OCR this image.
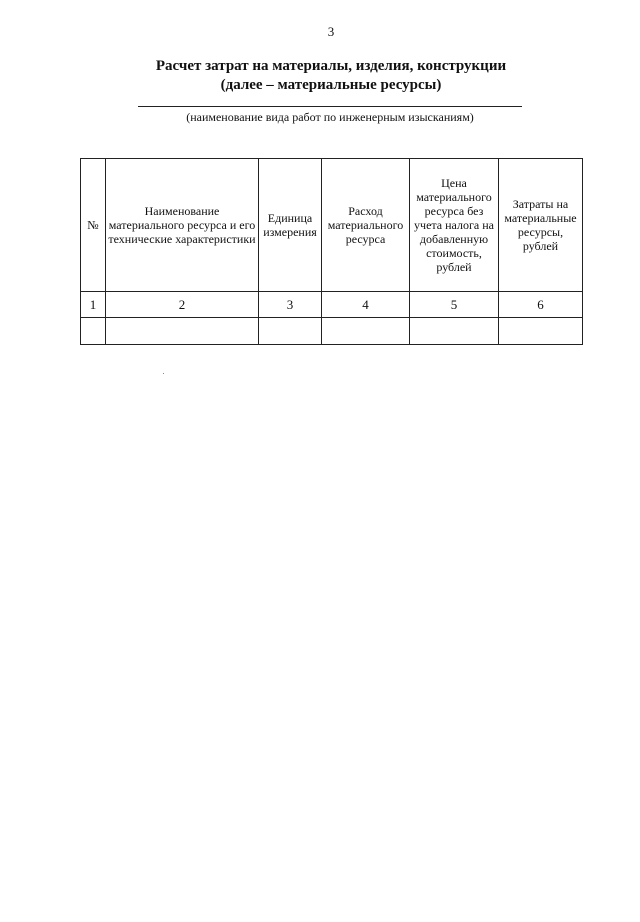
3
Расчет затрат на материалы, изделия, конструкции
(далее – материальные ресурсы)
(наименование вида работ по инженерным изысканиям)
№	Наименование материального ресурса и его технические характеристики	Единица измерения	Расход материального ресурса	Цена материального ресурса без учета налога на добавленную стоимость, рублей	Затраты на материальные ресурсы, рублей
1	2	3	4	5	6
